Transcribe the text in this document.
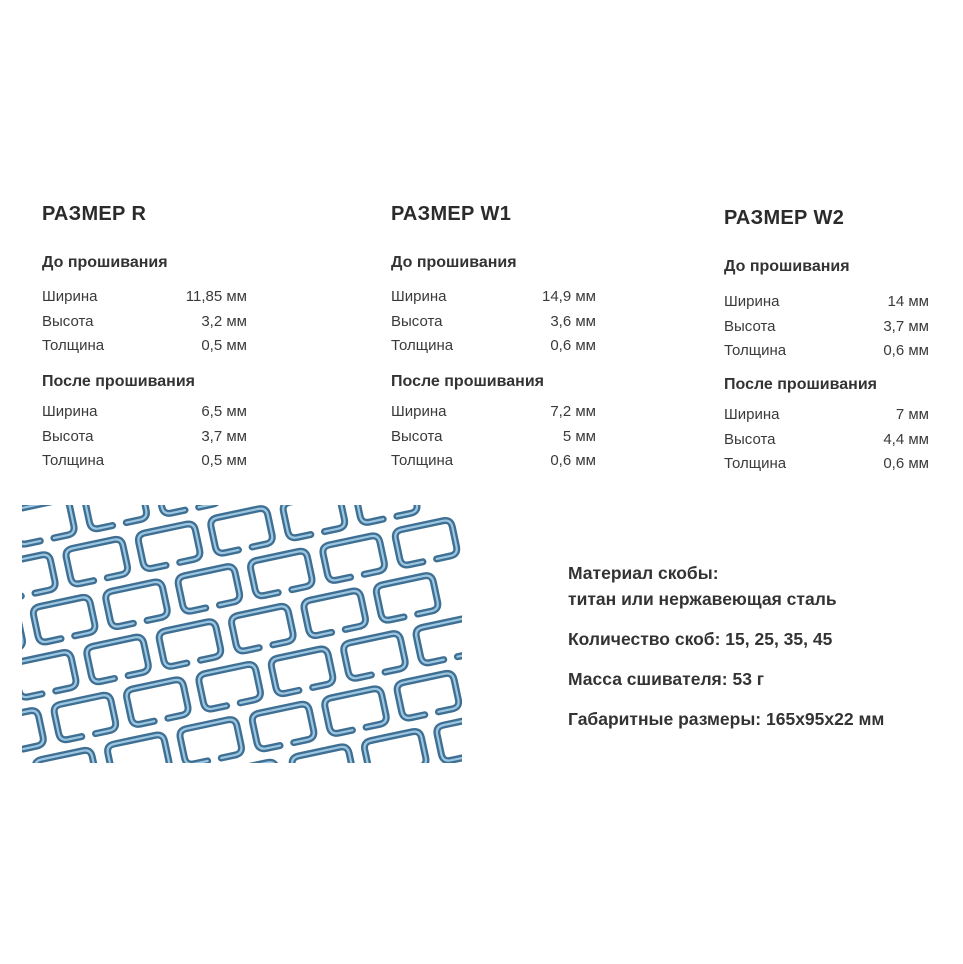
РАЗМЕР R
До прошивания
Ширина	11,85 мм
Высота	3,2 мм
Толщина	0,5 мм
После прошивания
Ширина	6,5 мм
Высота	3,7 мм
Толщина	0,5 мм
РАЗМЕР W1
До прошивания
Ширина	14,9 мм
Высота	3,6 мм
Толщина	0,6 мм
После прошивания
Ширина	7,2 мм
Высота	5 мм
Толщина	0,6 мм
РАЗМЕР W2
До прошивания
Ширина	14 мм
Высота	3,7 мм
Толщина	0,6 мм
После прошивания
Ширина	7 мм
Высота	4,4 мм
Толщина	0,6 мм

Материал скобы:

титан или нержавеющая сталь

Количество скоб: 15, 25, 35, 45

Масса сшивателя: 53 г

Габаритные размеры: 165x95x22 мм
